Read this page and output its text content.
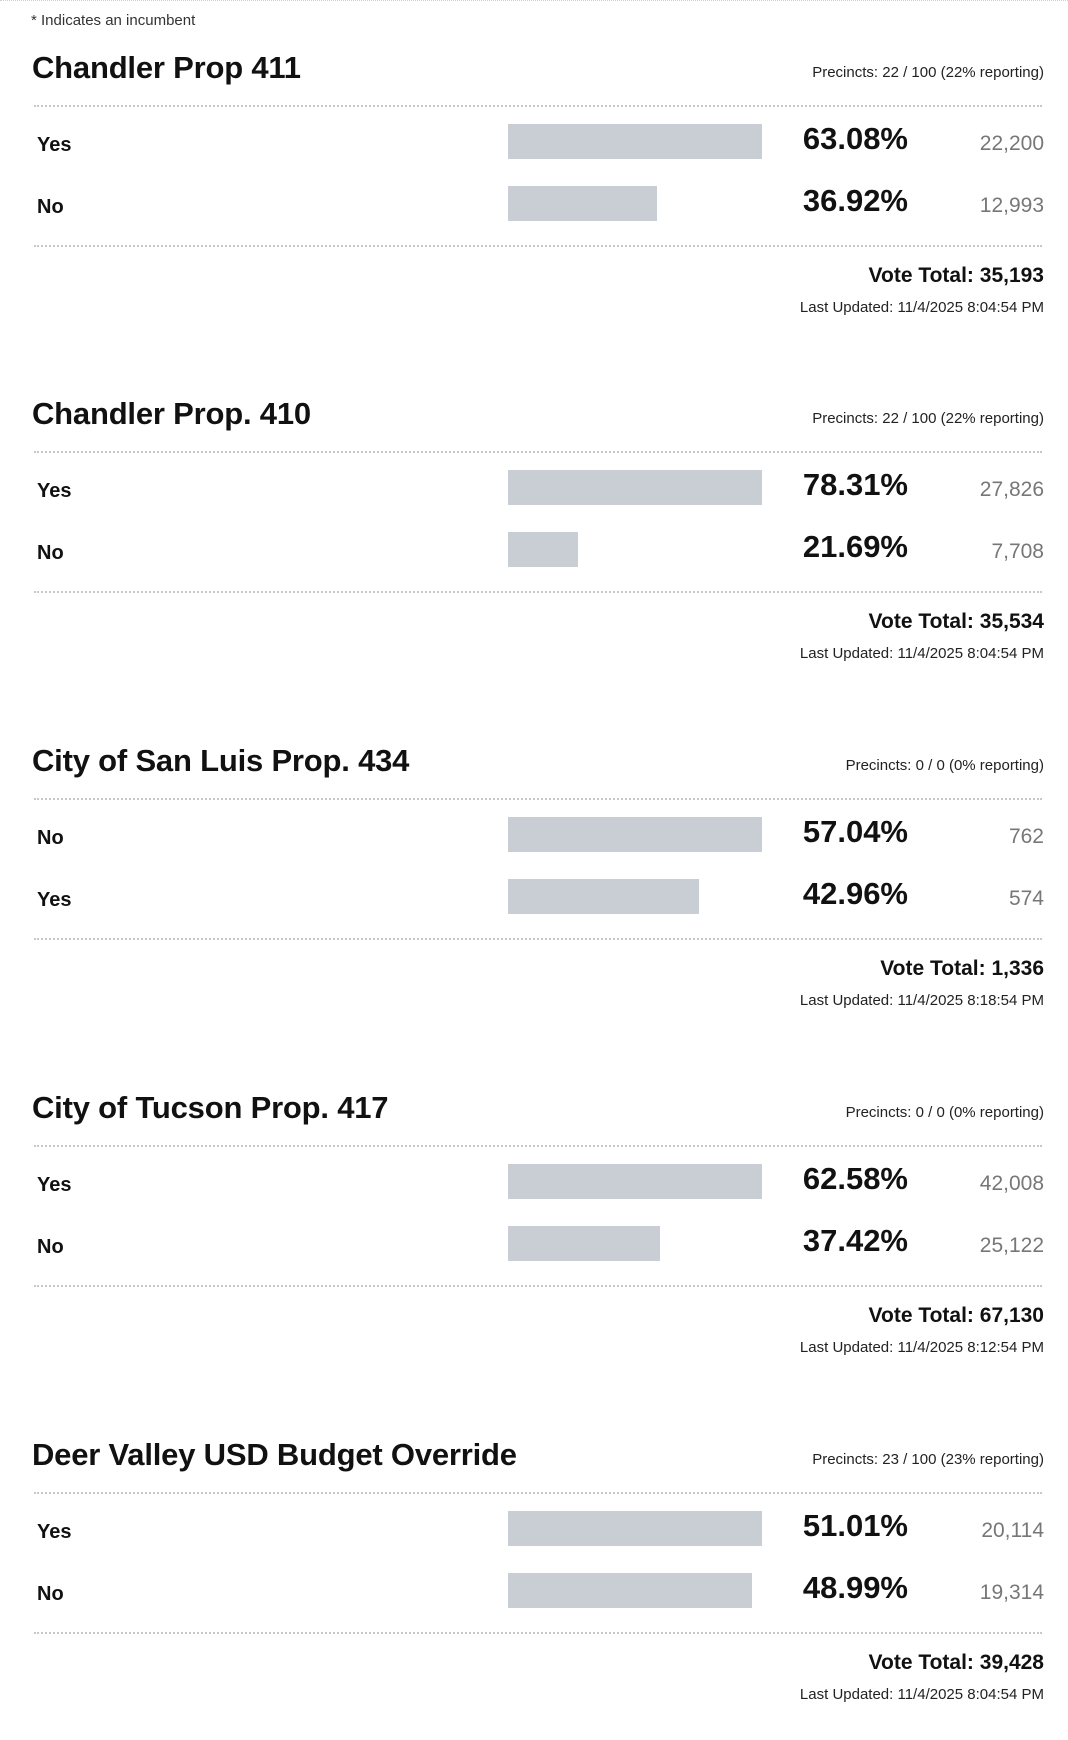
* Indicates an incumbent
Chandler Prop 411	Precincts: 22 / 100 (22% reporting)
Yes	63.08%	22,200
No	36.92%	12,993
Vote Total: 35,193
Last Updated: 11/4/2025 8:04:54 PM
Chandler Prop. 410	Precincts: 22 / 100 (22% reporting)
Yes	78.31%	27,826
No	21.69%	7,708
Vote Total: 35,534
Last Updated: 11/4/2025 8:04:54 PM
City of San Luis Prop. 434	Precincts: 0 / 0 (0% reporting)
No	57.04%	762
Yes	42.96%	574
Vote Total: 1,336
Last Updated: 11/4/2025 8:18:54 PM
City of Tucson Prop. 417	Precincts: 0 / 0 (0% reporting)
Yes	62.58%	42,008
No	37.42%	25,122
Vote Total: 67,130
Last Updated: 11/4/2025 8:12:54 PM
Deer Valley USD Budget Override	Precincts: 23 / 100 (23% reporting)
Yes	51.01%	20,114
No	48.99%	19,314
Vote Total: 39,428
Last Updated: 11/4/2025 8:04:54 PM
